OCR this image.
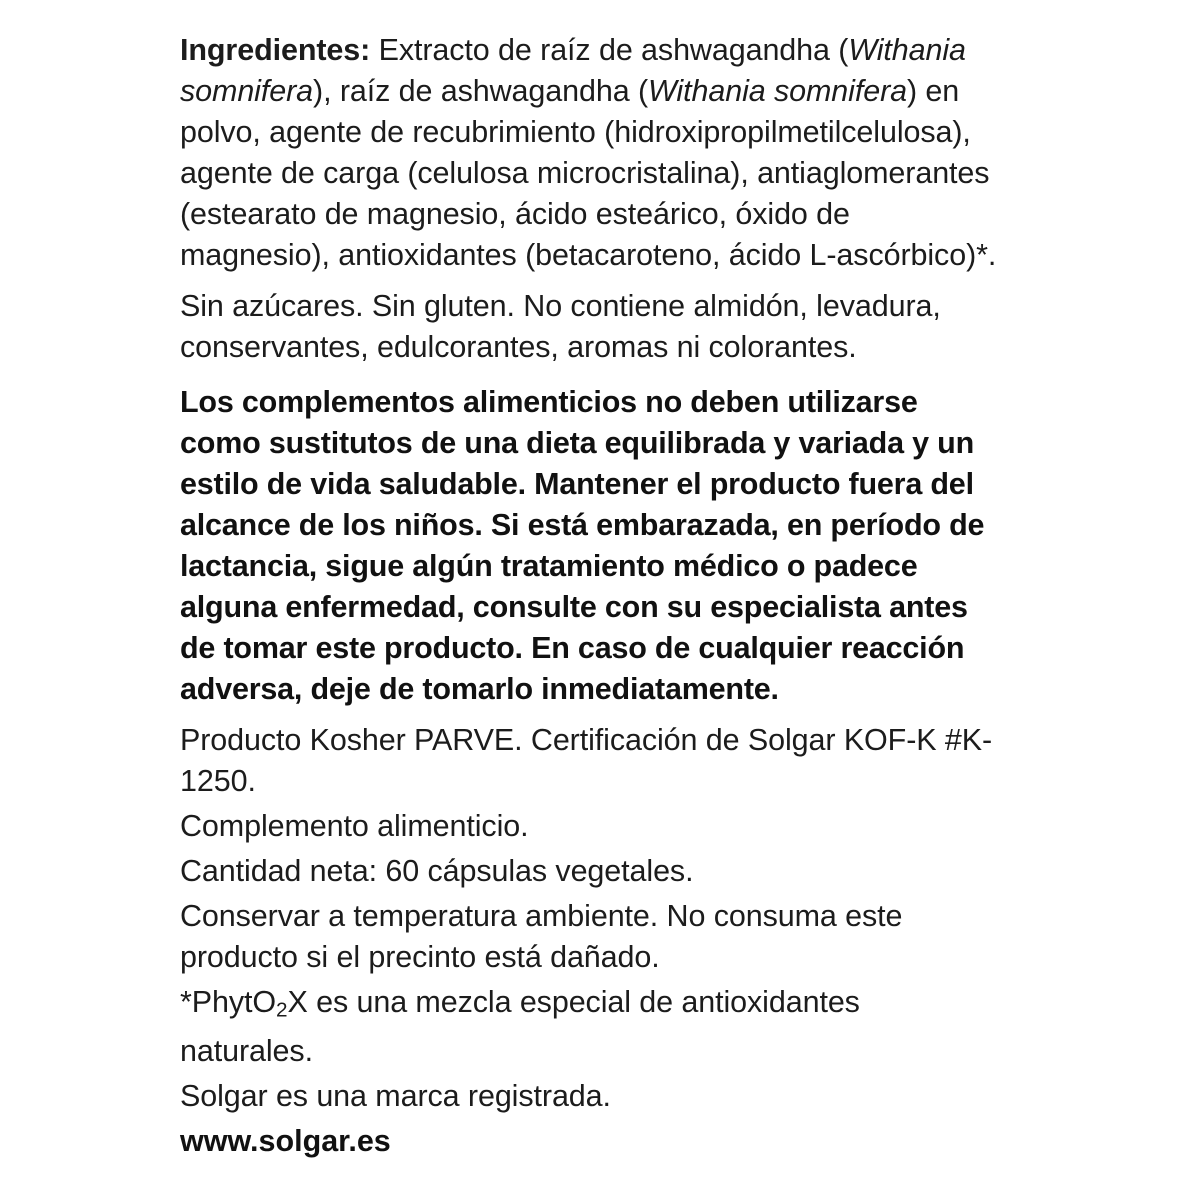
Ingredientes: Extracto de raíz de ashwagandha (Withania somnifera), raíz de ashwagandha (Withania somnifera) en polvo, agente de recubrimiento (hidroxipropilmetilcelulosa), agente de carga (celulosa microcristalina), antiaglomerantes (estearato de magnesio, ácido esteárico, óxido de magnesio), antioxidantes (betacaroteno, ácido L-ascórbico)*.

Sin azúcares. Sin gluten. No contiene almidón, levadura, conservantes, edulcorantes, aromas ni colorantes.

Los complementos alimenticios no deben utilizarse como sustitutos de una dieta equilibrada y variada y un estilo de vida saludable. Mantener el producto fuera del alcance de los niños. Si está embarazada, en período de lactancia, sigue algún tratamiento médico o padece alguna enfermedad, consulte con su especialista antes de tomar este producto. En caso de cualquier reacción adversa, deje de tomarlo inmediatamente.

Producto Kosher PARVE. Certificación de Solgar KOF-K #K-1250.

Complemento alimenticio.

Cantidad neta: 60 cápsulas vegetales.

Conservar a temperatura ambiente. No consuma este producto si el precinto está dañado.

*PhytO$_2$X es una mezcla especial de antioxidantes naturales.

Solgar es una marca registrada.

www.solgar.es
